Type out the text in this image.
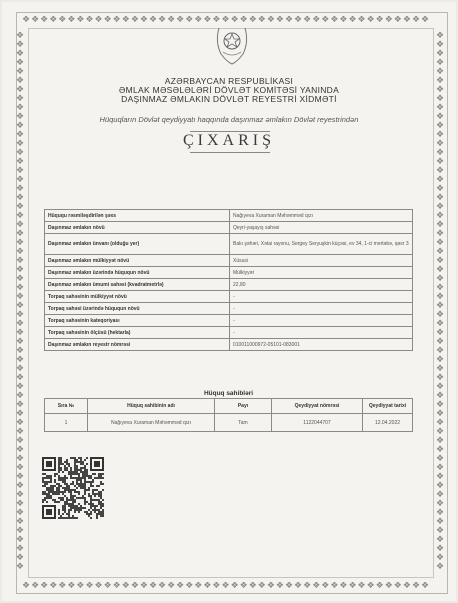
❖❖❖❖❖❖❖❖❖❖❖❖❖❖❖❖❖❖❖❖❖❖❖❖❖❖❖❖❖❖❖❖❖❖❖❖❖❖❖❖❖❖❖❖❖
❖❖❖❖❖❖❖❖❖❖❖❖❖❖❖❖❖❖❖❖❖❖❖❖❖❖❖❖❖❖❖❖❖❖❖❖❖❖❖❖❖❖❖❖❖
❖❖❖❖❖❖❖❖❖❖❖❖❖❖❖❖❖❖❖❖❖❖❖❖❖❖❖❖❖❖❖❖❖❖❖❖❖❖❖❖❖❖❖❖❖❖❖❖❖❖❖❖❖❖❖❖❖❖❖❖
❖❖❖❖❖❖❖❖❖❖❖❖❖❖❖❖❖❖❖❖❖❖❖❖❖❖❖❖❖❖❖❖❖❖❖❖❖❖❖❖❖❖❖❖❖❖❖❖❖❖❖❖❖❖❖❖❖❖❖❖
AZƏRBAYCAN RESPUBLİKASI
ƏMLAK MƏSƏLƏLƏRİ DÖVLƏT KOMİTƏSİ YANINDA
DAŞINMAZ ƏMLAKIN DÖVLƏT REYESTRİ XİDMƏTİ
Hüquqların Dövlət qeydiyyatı haqqında daşınmaz əmlakın Dövlət reyestrindən
ÇIXARIŞ
Hüququ rəsmiləşdirilən şəxs	Nağıyeva Xuraman Məhəmməd qızı
Daşınmaz əmlakın növü	Qeyri-yaşayış sahəsi
Daşınmaz əmlakın ünvanı (olduğu yer)	Bakı şəhəri, Xətai rayonu, Sergey Seryuşkin küçəsi, ev 34, 1-ci mərtəbə, qəsr 3
Daşınmaz əmlakın mülkiyyət növü	Xüsusi
Daşınmaz əmlakın üzərində hüququn növü	Mülkiyyət
Daşınmaz əmlakın ümumi sahəsi (kvadratmetrlə)	22,80
Torpaq sahəsinin mülkiyyət növü	-
Torpaq sahəsi üzərində hüququn növü	-
Torpaq sahəsinin kateqoriyası	-
Torpaq sahəsinin ölçüsü (hektarla)	-
Daşınmaz əmlakın reyestr nömrəsi	010011000972-05101-083001
Hüquq sahibləri
Sıra №	Hüquq sahibinin adı	Payı	Qeydiyyat nömrəsi	Qeydiyyat tarixi
1	Nağıyeva Xuraman Məhəmməd qızı	Tam	1122044707	12.04.2022
